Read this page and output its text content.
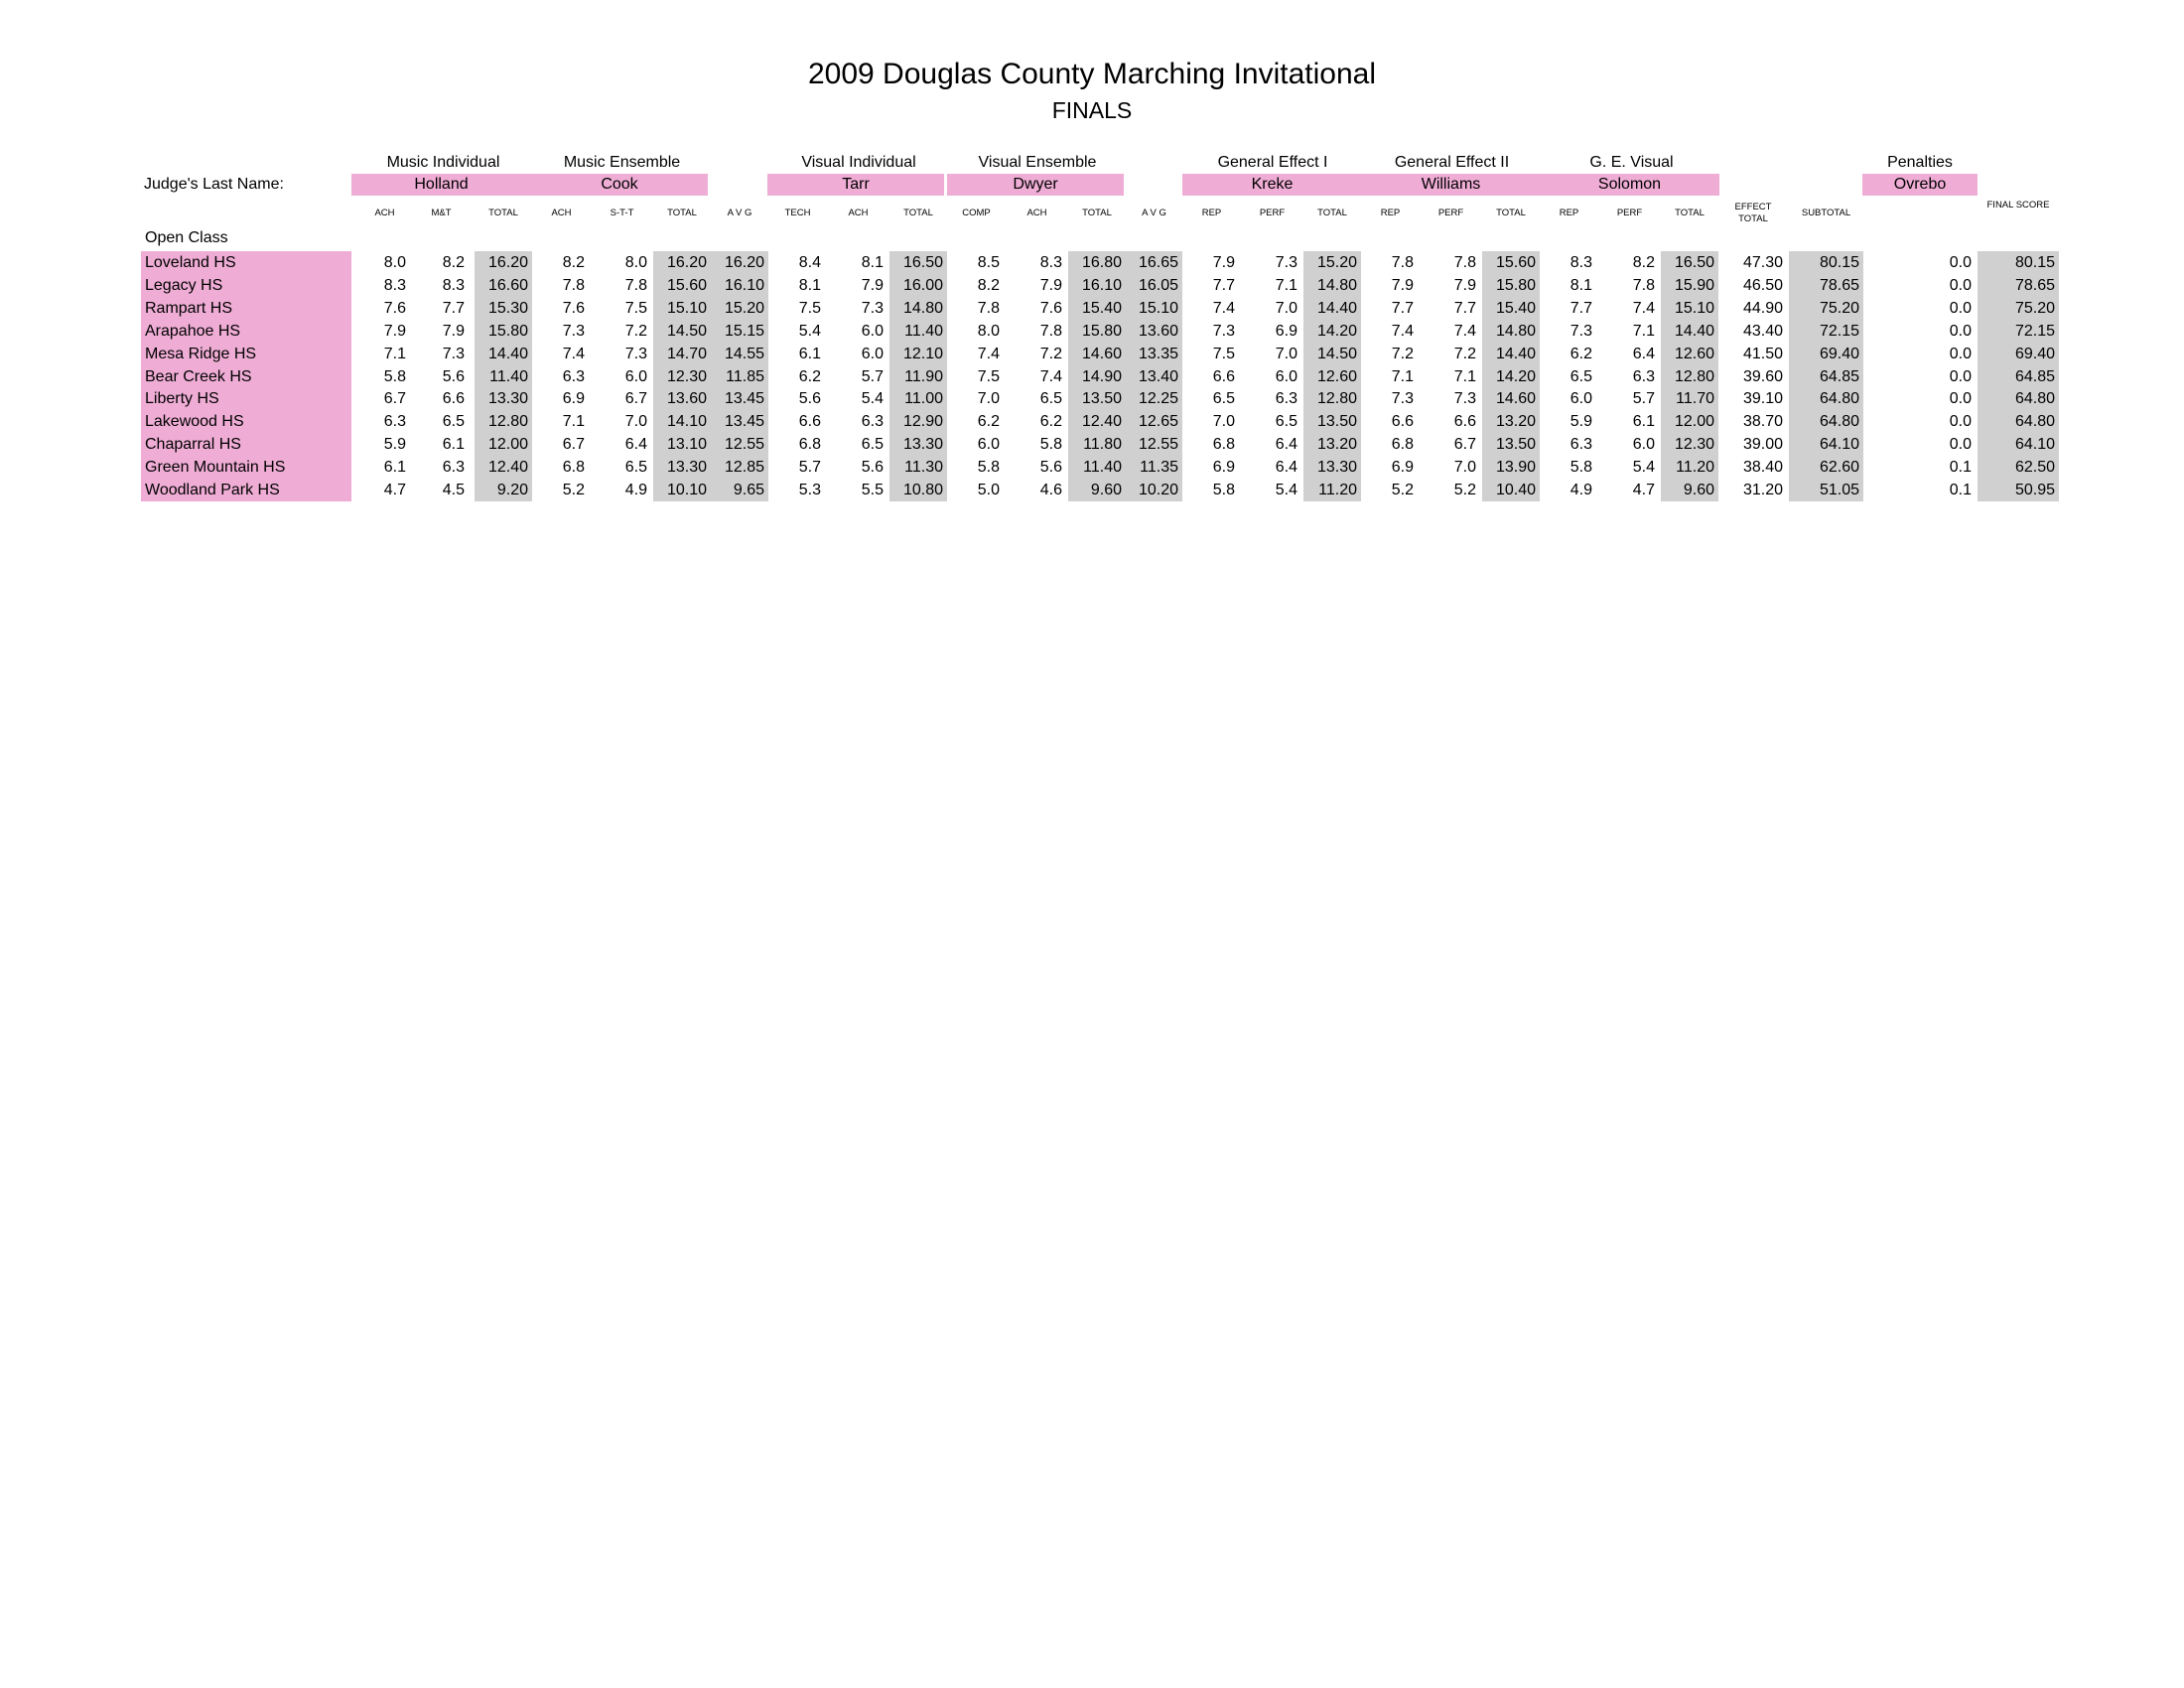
2009 Douglas County Marching Invitational
FINALS
Judge's Last Name:
Open Class
Music Individual
Holland
Music Ensemble
Cook
Visual Individual
Tarr
Visual Ensemble
Dwyer
General Effect I
Kreke
General Effect II
Williams
G. E. Visual
Solomon
Penalties
Ovrebo
ACH	M&T	TOTAL	ACH	S-T-T	TOTAL	A V G	TECH	ACH	TOTAL	COMP	ACH	TOTAL	A V G	REP	PERF	TOTAL	REP	PERF	TOTAL	REP	PERF	TOTAL
EFFECT TOTAL
SUBTOTAL
FINAL SCORE
Loveland HS	8.0	8.2	16.20	8.2	8.0	16.20	16.20	8.4	8.1	16.50	8.5	8.3	16.80	16.65	7.9	7.3	15.20	7.8	7.8	15.60	8.3	8.2	16.50	47.30	80.15	0.0	80.15
Legacy HS	8.3	8.3	16.60	7.8	7.8	15.60	16.10	8.1	7.9	16.00	8.2	7.9	16.10	16.05	7.7	7.1	14.80	7.9	7.9	15.80	8.1	7.8	15.90	46.50	78.65	0.0	78.65
Rampart HS	7.6	7.7	15.30	7.6	7.5	15.10	15.20	7.5	7.3	14.80	7.8	7.6	15.40	15.10	7.4	7.0	14.40	7.7	7.7	15.40	7.7	7.4	15.10	44.90	75.20	0.0	75.20
Arapahoe HS	7.9	7.9	15.80	7.3	7.2	14.50	15.15	5.4	6.0	11.40	8.0	7.8	15.80	13.60	7.3	6.9	14.20	7.4	7.4	14.80	7.3	7.1	14.40	43.40	72.15	0.0	72.15
Mesa Ridge HS	7.1	7.3	14.40	7.4	7.3	14.70	14.55	6.1	6.0	12.10	7.4	7.2	14.60	13.35	7.5	7.0	14.50	7.2	7.2	14.40	6.2	6.4	12.60	41.50	69.40	0.0	69.40
Bear Creek HS	5.8	5.6	11.40	6.3	6.0	12.30	11.85	6.2	5.7	11.90	7.5	7.4	14.90	13.40	6.6	6.0	12.60	7.1	7.1	14.20	6.5	6.3	12.80	39.60	64.85	0.0	64.85
Liberty HS	6.7	6.6	13.30	6.9	6.7	13.60	13.45	5.6	5.4	11.00	7.0	6.5	13.50	12.25	6.5	6.3	12.80	7.3	7.3	14.60	6.0	5.7	11.70	39.10	64.80	0.0	64.80
Lakewood HS	6.3	6.5	12.80	7.1	7.0	14.10	13.45	6.6	6.3	12.90	6.2	6.2	12.40	12.65	7.0	6.5	13.50	6.6	6.6	13.20	5.9	6.1	12.00	38.70	64.80	0.0	64.80
Chaparral HS	5.9	6.1	12.00	6.7	6.4	13.10	12.55	6.8	6.5	13.30	6.0	5.8	11.80	12.55	6.8	6.4	13.20	6.8	6.7	13.50	6.3	6.0	12.30	39.00	64.10	0.0	64.10
Green Mountain HS	6.1	6.3	12.40	6.8	6.5	13.30	12.85	5.7	5.6	11.30	5.8	5.6	11.40	11.35	6.9	6.4	13.30	6.9	7.0	13.90	5.8	5.4	11.20	38.40	62.60	0.1	62.50
Woodland Park HS	4.7	4.5	9.20	5.2	4.9	10.10	9.65	5.3	5.5	10.80	5.0	4.6	9.60	10.20	5.8	5.4	11.20	5.2	5.2	10.40	4.9	4.7	9.60	31.20	51.05	0.1	50.95
